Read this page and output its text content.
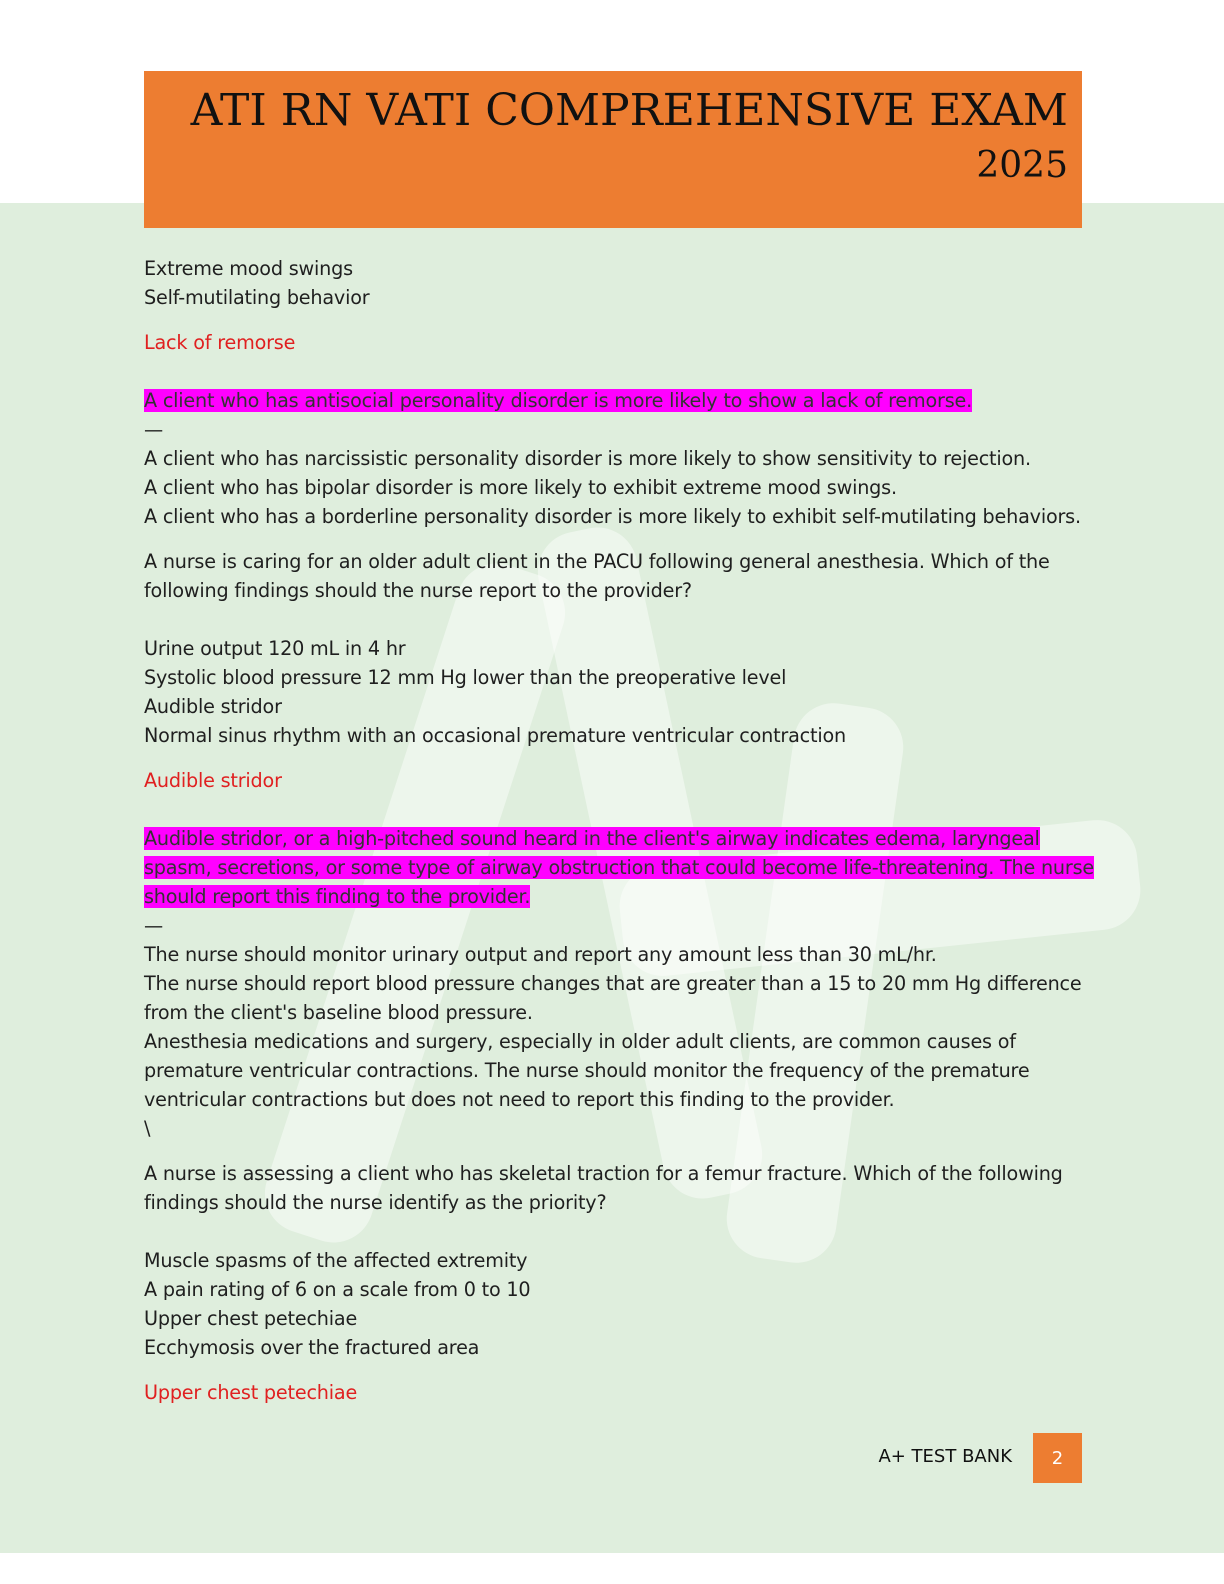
ATI RN VATI COMPREHENSIVE EXAM
2025

Extreme mood swings

Self-mutilating behavior

Lack of remorse

A client who has antisocial personality disorder is more likely to show a lack of remorse.

—

A client who has narcissistic personality disorder is more likely to show sensitivity to rejection.

A client who has bipolar disorder is more likely to exhibit extreme mood swings.

A client who has a borderline personality disorder is more likely to exhibit self-mutilating behaviors.

A nurse is caring for an older adult client in the PACU following general anesthesia. Which of the

following findings should the nurse report to the provider?

Urine output 120 mL in 4 hr

Systolic blood pressure 12 mm Hg lower than the preoperative level

Audible stridor

Normal sinus rhythm with an occasional premature ventricular contraction

Audible stridor

Audible stridor, or a high-pitched sound heard in the client's airway indicates edema, laryngeal

spasm, secretions, or some type of airway obstruction that could become life-threatening. The nurse

should report this finding to the provider.

—

The nurse should monitor urinary output and report any amount less than 30 mL/hr.

The nurse should report blood pressure changes that are greater than a 15 to 20 mm Hg difference

from the client's baseline blood pressure.

Anesthesia medications and surgery, especially in older adult clients, are common causes of

premature ventricular contractions. The nurse should monitor the frequency of the premature

ventricular contractions but does not need to report this finding to the provider.

\

A nurse is assessing a client who has skeletal traction for a femur fracture. Which of the following

findings should the nurse identify as the priority?

Muscle spasms of the affected extremity

A pain rating of 6 on a scale from 0 to 10

Upper chest petechiae

Ecchymosis over the fractured area

Upper chest petechiae

A+ TEST BANK 2
